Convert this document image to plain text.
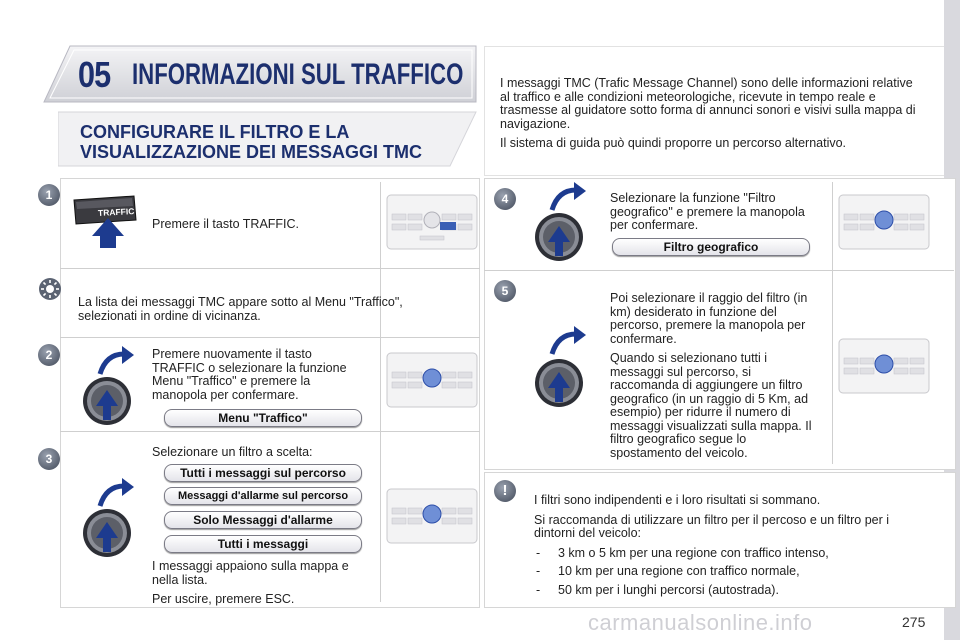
05 INFORMAZIONI SUL TRAFFICO
CONFIGURARE IL FILTRO E LA
VISUALIZZAZIONE DEI MESSAGGI TMC

I messaggi TMC (Trafic Message Channel) sono delle informazioni relative al traffico e alle condizioni meteorologiche, ricevute in tempo reale e trasmesse al guidatore sotto forma di annunci sonori e visivi sulla mappa di navigazione.

Il sistema di guida può quindi proporre un percorso alternativo.

1
TRAFFIC
Premere il tasto TRAFFIC.
La lista dei messaggi TMC appare sotto al Menu "Traffico", selezionati in ordine di vicinanza.
2	Premere nuovamente il tasto TRAFFIC o selezionare la funzione Menu "Traffico" e premere la manopola per confermare.
Menu "Traffico"
3	Selezionare un filtro a scelta:
Tutti i messaggi sul percorso
Messaggi d'allarme sul percorso
Solo Messaggi d'allarme
Tutti i messaggi

I messaggi appaiono sulla mappa e nella lista.

Per uscire, premere ESC.

4	Selezionare la funzione "Filtro geografico" e premere la manopola per confermare.
Filtro geografico
5	Poi selezionare il raggio del filtro (in km) desiderato in funzione del percorso, premere la manopola per confermare.

Quando si selezionano tutti i messaggi sul percorso, si raccomanda di aggiungere un filtro geografico (in un raggio di 5 Km, ad esempio) per ridurre il numero di messaggi visualizzati sulla mappa. Il filtro geografico segue lo spostamento del veicolo.

!

I filtri sono indipendenti e i loro risultati si sommano.

Si raccomanda di utilizzare un filtro per il percoso e un filtro per i dintorni del veicolo:

- 3 km o 5 km per una regione con traffico intenso,
- 10 km per una regione con traffico normale,
- 50 km per i lunghi percorsi (autostrada).
carmanualsonline.info	275
